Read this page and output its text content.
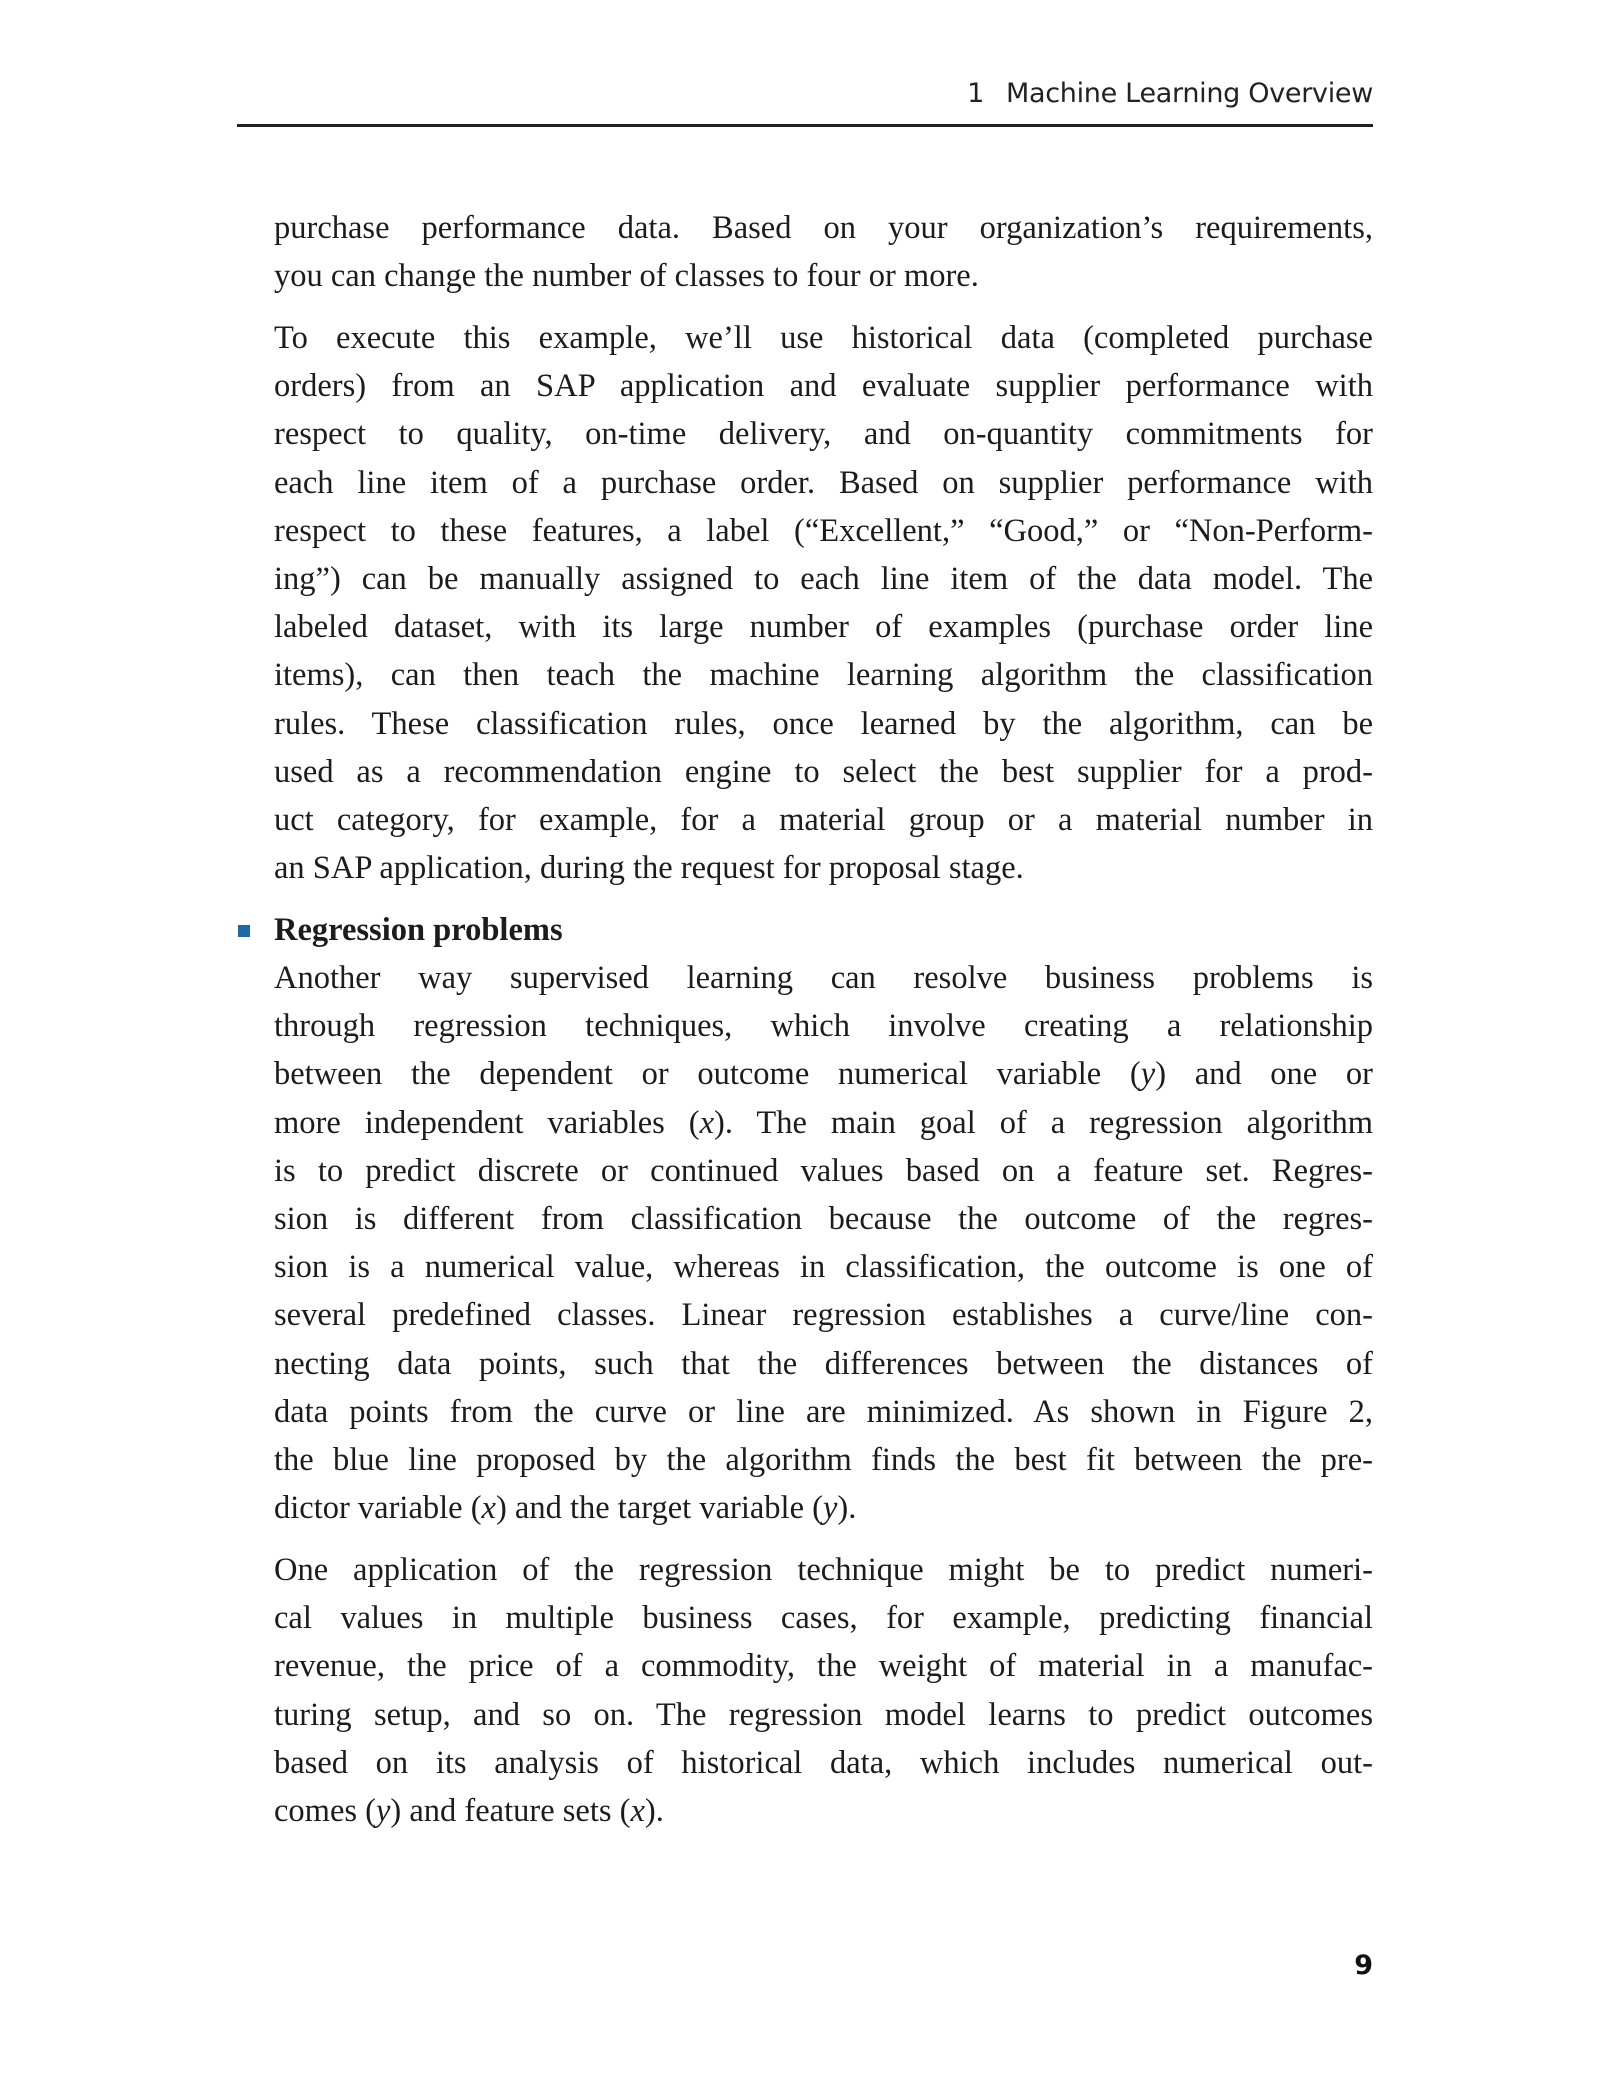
1 Machine Learning Overview
purchase performance data. Based on your organization’s requirements,
you can change the number of classes to four or more.
To execute this example, we’ll use historical data (completed purchase
orders) from an SAP application and evaluate supplier performance with
respect to quality, on-time delivery, and on-quantity commitments for
each line item of a purchase order. Based on supplier performance with
respect to these features, a label (“Excellent,” “Good,” or “Non-Perform-
ing”) can be manually assigned to each line item of the data model. The
labeled dataset, with its large number of examples (purchase order line
items), can then teach the machine learning algorithm the classification
rules. These classification rules, once learned by the algorithm, can be
used as a recommendation engine to select the best supplier for a prod-
uct category, for example, for a material group or a material number in
an SAP application, during the request for proposal stage.
Regression problems
Another way supervised learning can resolve business problems is
through regression techniques, which involve creating a relationship
between the dependent or outcome numerical variable (y) and one or
more independent variables (x). The main goal of a regression algorithm
is to predict discrete or continued values based on a feature set. Regres-
sion is different from classification because the outcome of the regres-
sion is a numerical value, whereas in classification, the outcome is one of
several predefined classes. Linear regression establishes a curve/line con-
necting data points, such that the differences between the distances of
data points from the curve or line are minimized. As shown in Figure 2,
the blue line proposed by the algorithm finds the best fit between the pre-
dictor variable (x) and the target variable (y).
One application of the regression technique might be to predict numeri-
cal values in multiple business cases, for example, predicting financial
revenue, the price of a commodity, the weight of material in a manufac-
turing setup, and so on. The regression model learns to predict outcomes
based on its analysis of historical data, which includes numerical out-
comes (y) and feature sets (x).
9
